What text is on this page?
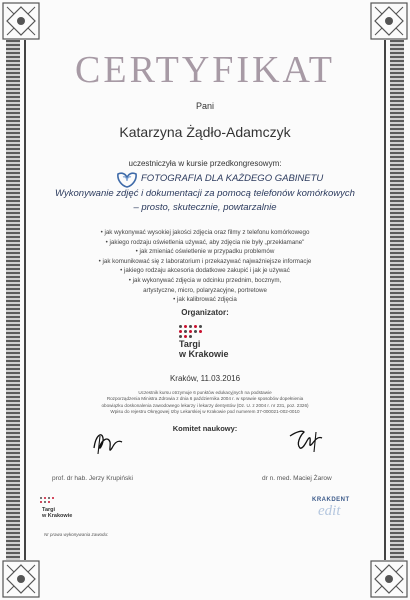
CERTYFIKAT
Pani
Katarzyna Żądło-Adamczyk
uczestniczyła w kursie przedkongresowym:
FOTOGRAFIA DLA KAŻDEGO GABINETU
Wykonywanie zdjęć i dokumentacji za pomocą telefonów komórkowych
– prosto, skutecznie, powtarzalnie
• jak wykonywać wysokiej jakości zdjęcia oraz filmy z telefonu komórkowego
• jakiego rodzaju oświetlenia używać, aby zdjęcia nie były „przekłamane"
• jak zmieniać oświetlenie w przypadku problemów
• jak komunikować się z laboratorium i przekazywać najważniejsze informacje
• jakiego rodzaju akcesoria dodatkowe zakupić i jak je używać
• jak wykonywać zdjęcia w odcinku przednim, bocznym,
artystyczne, micro, polaryzacyjne, portretowe
• jak kalibrować zdjęcia
Organizator:
Targi
w Krakowie
Kraków, 11.03.2016
Uczestnik kursu otrzymuje 6 punktów edukacyjnych na podstawie
Rozporządzenia Ministra Zdrowia z dnia 6 października 2004 r. w sprawie sposobów dopełnienia
obowiązku doskonalenia zawodowego lekarzy i lekarzy dentystów (Dz. U. z 2004 r. nr 231, poz. 2326)
Wpisu do rejestru Okręgowej Izby Lekarskiej w Krakowie pod numerem 37-000021-002-0010
Komitet naukowy:
prof. dr hab. Jerzy Krupiński	dr n. med. Maciej Żarow
Targi
w Krakowie
KRAKDENT
edit
Nr prawa wykonywania zawodu:
